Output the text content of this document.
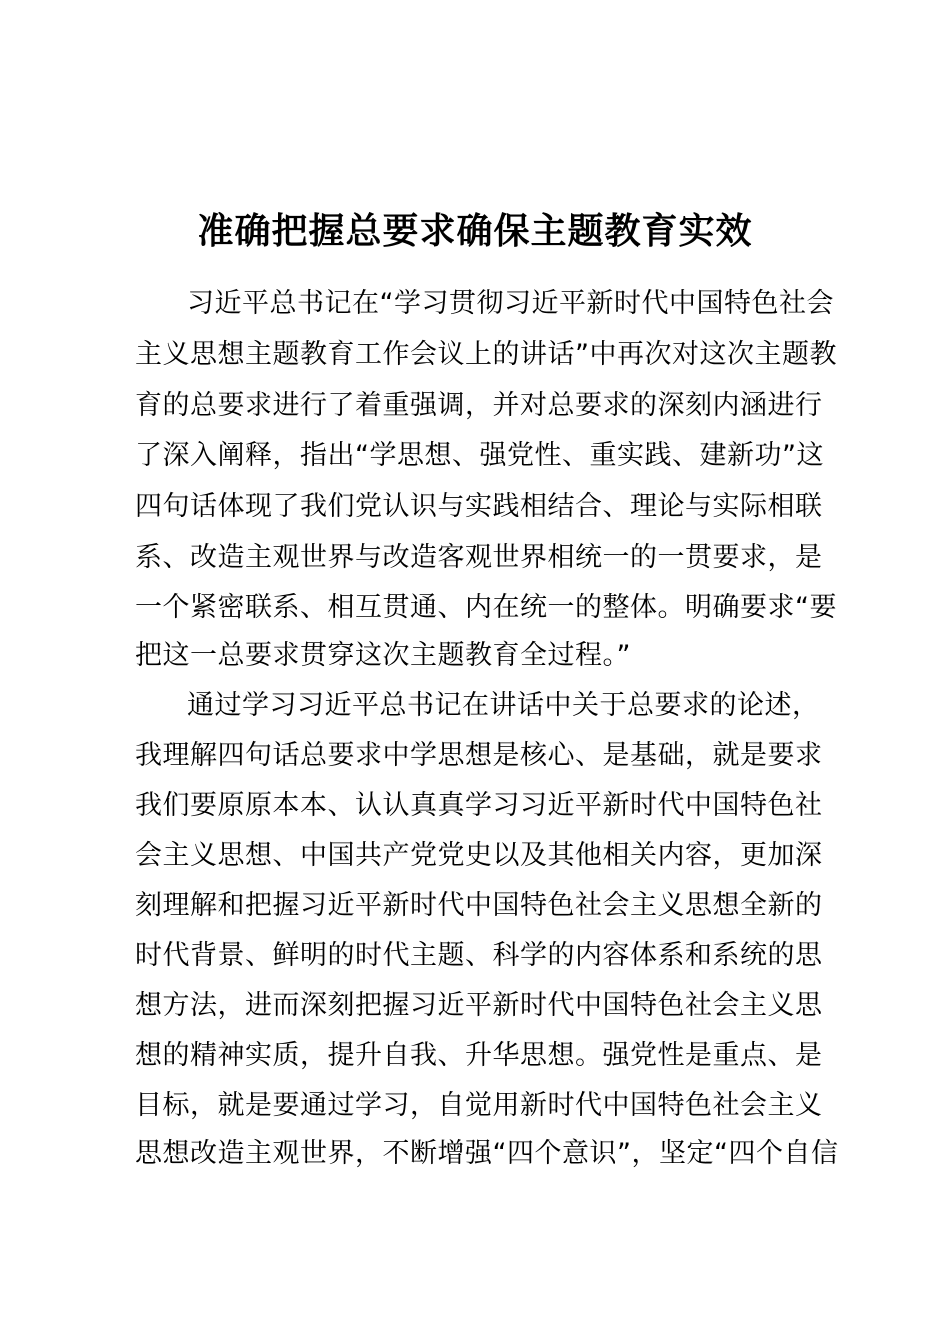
准确把握总要求确保主题教育实效
习近平总书记在“学习贯彻习近平新时代中国特色社会
主义思想主题教育工作会议上的讲话”中再次对这次主题教
育的总要求进行了着重强调，并对总要求的深刻内涵进行
了深入阐释，指出“学思想、强党性、重实践、建新功”这
四句话体现了我们党认识与实践相结合、理论与实际相联
系、改造主观世界与改造客观世界相统一的一贯要求，是
一个紧密联系、相互贯通、内在统一的整体。明确要求“要
把这一总要求贯穿这次主题教育全过程。”
通过学习习近平总书记在讲话中关于总要求的论述，
我理解四句话总要求中学思想是核心、是基础，就是要求
我们要原原本本、认认真真学习习近平新时代中国特色社
会主义思想、中国共产党党史以及其他相关内容，更加深
刻理解和把握习近平新时代中国特色社会主义思想全新的
时代背景、鲜明的时代主题、科学的内容体系和系统的思
想方法，进而深刻把握习近平新时代中国特色社会主义思
想的精神实质，提升自我、升华思想。强党性是重点、是
目标，就是要通过学习，自觉用新时代中国特色社会主义
思想改造主观世界，不断增强“四个意识”，坚定“四个自信
